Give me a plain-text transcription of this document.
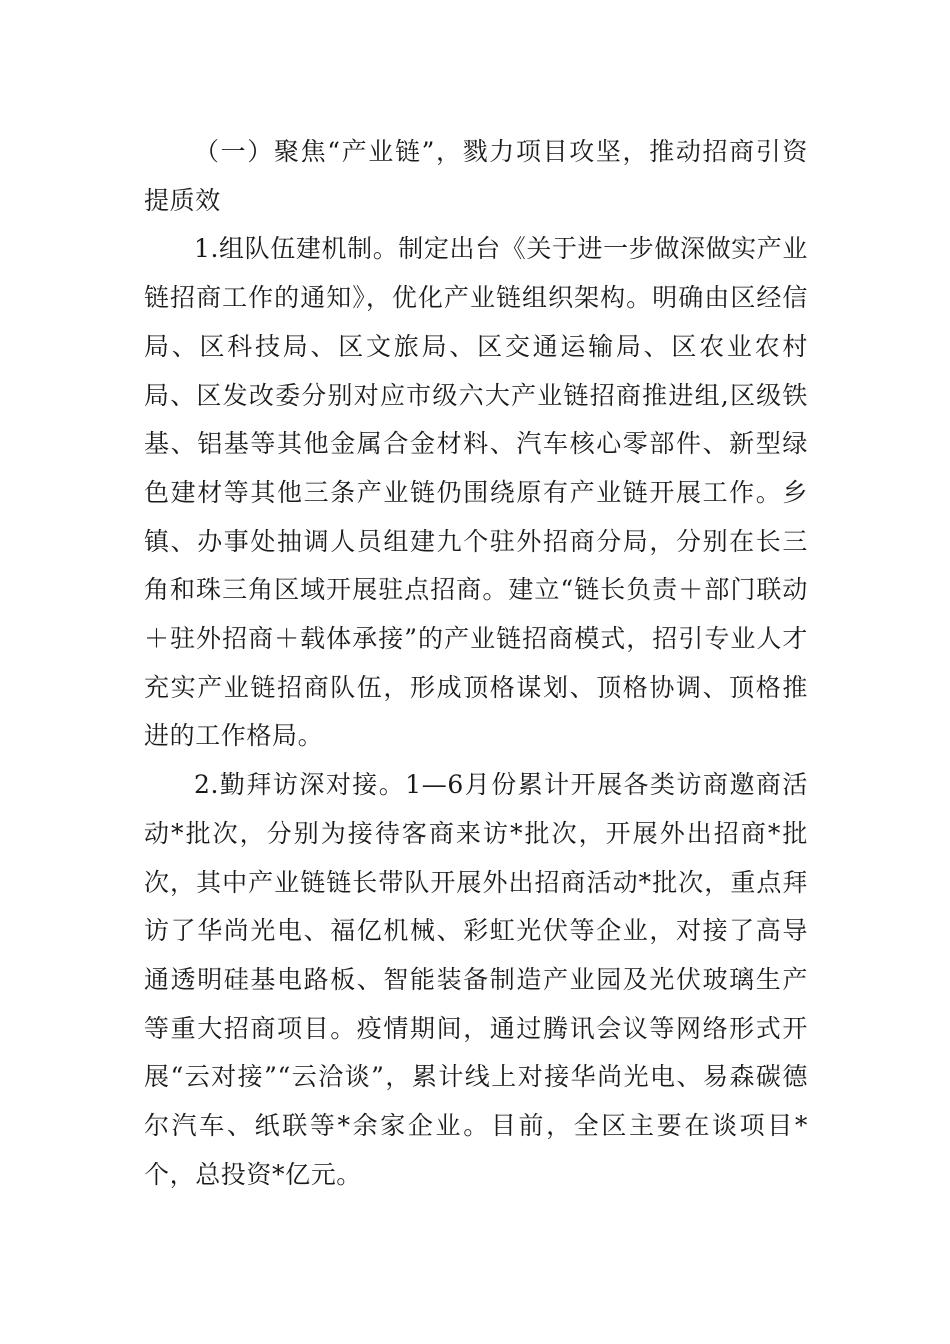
（一）聚焦“产业链”，戮力项目攻坚，推动招商引资提质效

1.组队伍建机制。制定出台《关于进一步做深做实产业链招商工作的通知》，优化产业链组织架构。明确由区经信局、区科技局、区文旅局、区交通运输局、区农业农村局、区发改委分别对应市级六大产业链招商推进组,区级铁基、铝基等其他金属合金材料、汽车核心零部件、新型绿色建材等其他三条产业链仍围绕原有产业链开展工作。乡镇、办事处抽调人员组建九个驻外招商分局，分别在长三角和珠三角区域开展驻点招商。建立“链长负责＋部门联动＋驻外招商＋载体承接”的产业链招商模式，招引专业人才充实产业链招商队伍，形成顶格谋划、顶格协调、顶格推进的工作格局。

2.勤拜访深对接。1—6月份累计开展各类访商邀商活动*批次，分别为接待客商来访*批次，开展外出招商*批次，其中产业链链长带队开展外出招商活动*批次，重点拜访了华尚光电、福亿机械、彩虹光伏等企业，对接了高导通透明硅基电路板、智能装备制造产业园及光伏玻璃生产等重大招商项目。疫情期间，通过腾讯会议等网络形式开展“云对接”“云洽谈”，累计线上对接华尚光电、易森碳德尔汽车、纸联等*余家企业。目前，全区主要在谈项目*个，总投资*亿元。
